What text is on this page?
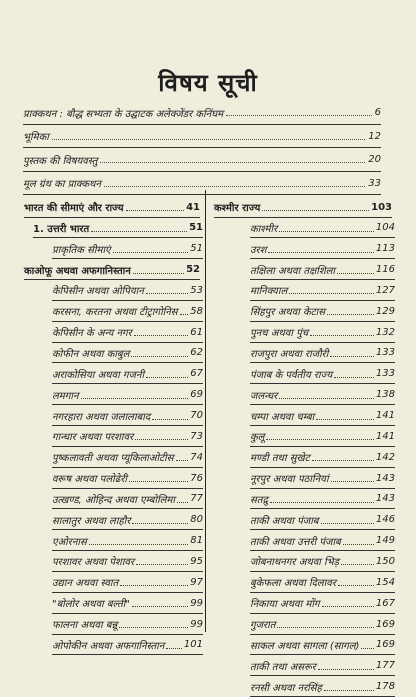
विषय सूची
प्राक्कथन : बौद्ध सभ्यता के उद्घाटक अलेक्जेंडर कनिंघम	6
भूमिका	12
पुस्तक की विषयवस्तु	20
मूल ग्रंथ का प्राक्कथन	33
भारत की सीमाएं और राज्य	41
1. उत्तरी भारत	51
प्राकृतिक सीमाएं	51
काओफू अथवा अफगानिस्तान	52
केपिसीन अथवा ओपियान	53
करसना, करतना अथवा टीट्रागोनिस 58
केपिसीन के अन्य नगर	61
कोफीन अथवा काबुल	62
अराकोसिया अथवा गजनी	67
लमगान	69
नगरहारा अथवा जलालाबाद	70
गान्धार अथवा परशावर	73
पुष्कलावती अथवा प्यूकिलाओटीस 74
वरूष अथवा पलोढेरी	76
उत्खण्ड, ओहिन्द अथवा एम्बोलिमा 77
सालातुर अथवा लाहौर	80
एओरनास	81
परशावर अथवा पेशावर	95
उद्यान अथवा स्वात	97
"बोलोर अथवा बल्ती"	99
फालना अथवा बन्नू	99
ओपोकीन अथवा अफगानिस्तान 101
कश्मीर राज्य	103
काश्मीर	104
उरश	113
तक्षिला अथवा तक्षशिला	116
मानिक्याल	127
सिंहपुर अथवा केटास	129
पुनच अथवा पुंच	132
राजपुरा अथवा राजौरी	133
पंजाब के पर्वतीय राज्य	133
जलन्धर	138
चम्पा अथवा चम्बा	141
कुलू	141
मण्डी तथा सुखेट	142
नूरपुर अथवा पठानियां	143
सतद्रु	143
ताकी अथवा पंजाब	146
ताकी अथवा उत्तरी पंजाब	149
जोबनाथनगर अथवा भिड़	150
बुकेफला अथवा दिलावर	154
निकाया अथवा मोंग	167
गुजरात	169
साकल अथवा सागला (सागल) 169
ताकी तथा असरूर	177
रनसी अथवा नरसिंह	178
